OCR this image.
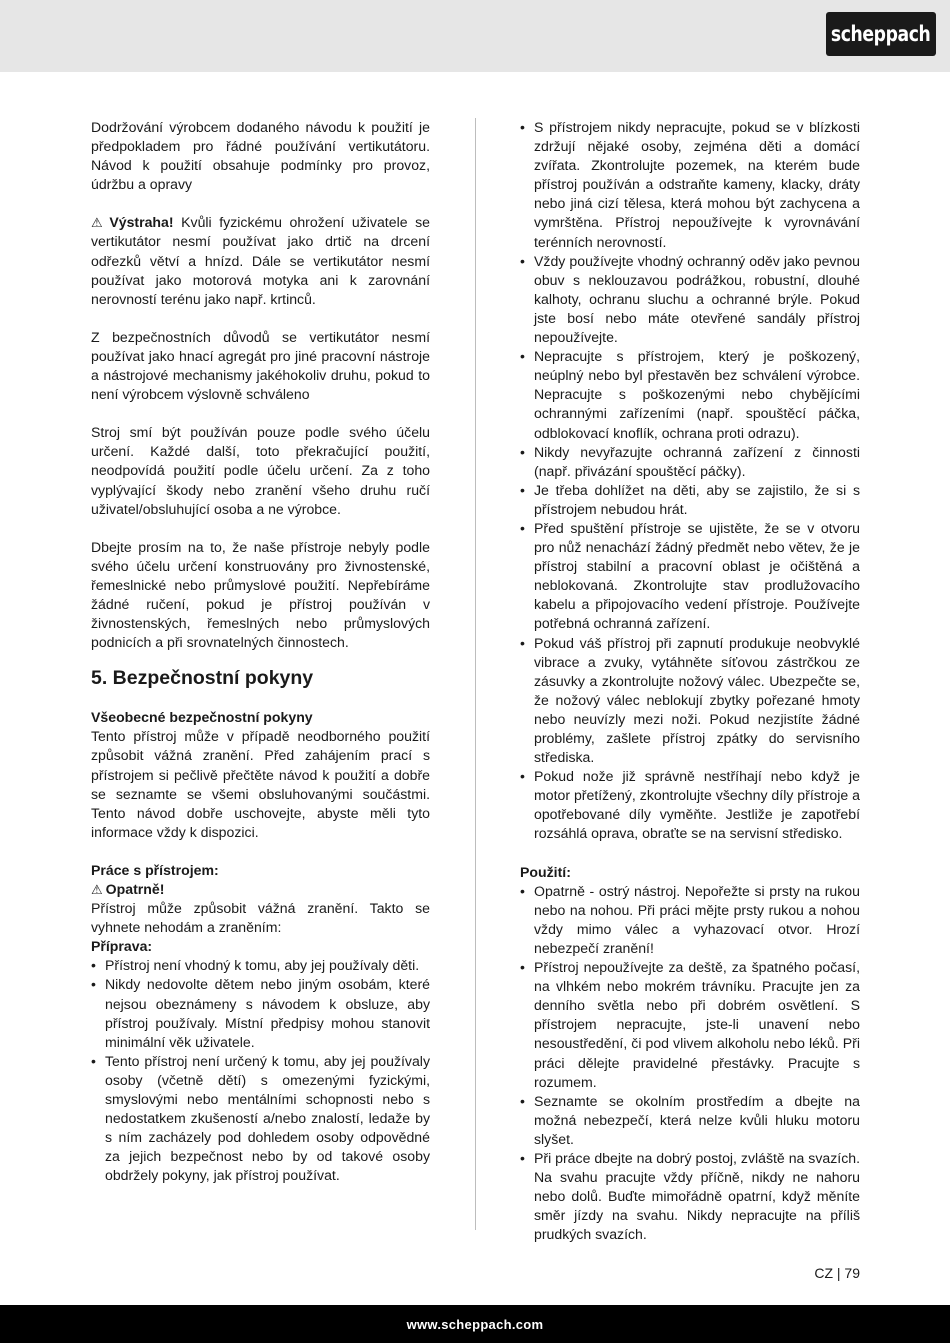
scheppach

Dodržování výrobcem dodaného návodu k použití je předpokladem pro řádné používání vertikutátoru. Návod k použití obsahuje podmínky pro provoz, údržbu a opravy

⚠ Výstraha! Kvůli fyzickému ohrožení uživatele se vertikutátor nesmí používat jako drtič na drcení odřezků větví a hnízd. Dále se vertikutátor nesmí používat jako motorová motyka ani k zarovnání nerovností terénu jako např. krtinců.

Z bezpečnostních důvodů se vertikutátor nesmí používat jako hnací agregát pro jiné pracovní nástroje a nástrojové mechanismy jakéhokoliv druhu, pokud to není výrobcem výslovně schváleno

Stroj smí být používán pouze podle svého účelu určení. Každé další, toto překračující použití, neodpovídá použití podle účelu určení. Za z toho vyplývající škody nebo zranění všeho druhu ručí uživatel/obsluhující osoba a ne výrobce.

Dbejte prosím na to, že naše přístroje nebyly podle svého účelu určení konstruovány pro živnostenské, řemeslnické nebo průmyslové použití. Nepřebíráme žádné ručení, pokud je přístroj používán v živnostenských, řemeslných nebo průmyslových podnicích a při srovnatelných činnostech.

5. Bezpečnostní pokyny
Všeobecné bezpečnostní pokyny

Tento přístroj může v případě neodborného použití způsobit vážná zranění. Před zahájením prací s přístrojem si pečlivě přečtěte návod k použití a dobře se seznamte se všemi obsluhovanými součástmi. Tento návod dobře uschovejte, abyste měli tyto informace vždy k dispozici.

Práce s přístrojem:
⚠ Opatrně!

Přístroj může způsobit vážná zranění. Takto se vyhnete nehodám a zraněním:

Příprava:
• Přístroj není vhodný k tomu, aby jej používaly děti.
• Nikdy nedovolte dětem nebo jiným osobám, které nejsou obeznámeny s návodem k obsluze, aby přístroj používaly. Místní předpisy mohou stanovit minimální věk uživatele.
• Tento přístroj není určený k tomu, aby jej používaly osoby (včetně dětí) s omezenými fyzickými, smyslovými nebo mentálními schopnosti nebo s nedostatkem zkušeností a/nebo znalostí, ledaže by s ním zacházely pod dohledem osoby odpovědné za jejich bezpečnost nebo by od takové osoby obdržely pokyny, jak přístroj používat.
• S přístrojem nikdy nepracujte, pokud se v blízkosti zdržují nějaké osoby, zejména děti a domácí zvířata. Zkontrolujte pozemek, na kterém bude přístroj používán a odstraňte kameny, klacky, dráty nebo jiná cizí tělesa, která mohou být zachycena a vymrštěna. Přístroj nepoužívejte k vyrovnávání terénních nerovností.
• Vždy používejte vhodný ochranný oděv jako pevnou obuv s neklouzavou podrážkou, robustní, dlouhé kalhoty, ochranu sluchu a ochranné brýle. Pokud jste bosí nebo máte otevřené sandály přístroj nepoužívejte.
• Nepracujte s přístrojem, který je poškozený, neúplný nebo byl přestavěn bez schválení výrobce. Nepracujte s poškozenými nebo chybějícími ochrannými zařízeními (např. spouštěcí páčka, odblokovací knoflík, ochrana proti odrazu).
• Nikdy nevyřazujte ochranná zařízení z činnosti (např. přivázání spouštěcí páčky).
• Je třeba dohlížet na děti, aby se zajistilo, že si s přístrojem nebudou hrát.
• Před spuštění přístroje se ujistěte, že se v otvoru pro nůž nenachází žádný předmět nebo větev, že je přístroj stabilní a pracovní oblast je očištěná a neblokovaná. Zkontrolujte stav prodlužovacího kabelu a připojovacího vedení přístroje. Používejte potřebná ochranná zařízení.
• Pokud váš přístroj při zapnutí produkuje neobvyklé vibrace a zvuky, vytáhněte síťovou zástrčkou ze zásuvky a zkontrolujte nožový válec. Ubezpečte se, že nožový válec neblokují zbytky pořezané hmoty nebo neuvízly mezi noži. Pokud nezjistíte žádné problémy, zašlete přístroj zpátky do servisního střediska.
• Pokud nože již správně nestříhají nebo když je motor přetížený, zkontrolujte všechny díly přístroje a opotřebované díly vyměňte. Jestliže je zapotřebí rozsáhlá oprava, obraťte se na servisní středisko.
Použití:
• Opatrně - ostrý nástroj. Nepořežte si prsty na rukou nebo na nohou. Při práci mějte prsty rukou a nohou vždy mimo válec a vyhazovací otvor. Hrozí nebezpečí zranění!
• Přístroj nepoužívejte za deště, za špatného počasí, na vlhkém nebo mokrém trávníku. Pracujte jen za denního světla nebo při dobrém osvětlení. S přístrojem nepracujte, jste-li unavení nebo nesoustředění, či pod vlivem alkoholu nebo léků. Při práci dělejte pravidelné přestávky. Pracujte s rozumem.
• Seznamte se okolním prostředím a dbejte na možná nebezpečí, která nelze kvůli hluku motoru slyšet.
• Při práce dbejte na dobrý postoj, zvláště na svazích. Na svahu pracujte vždy příčně, nikdy ne nahoru nebo dolů. Buďte mimořádně opatrní, když měníte směr jízdy na svahu. Nikdy nepracujte na příliš prudkých svazích.
CZ | 79
www.scheppach.com
